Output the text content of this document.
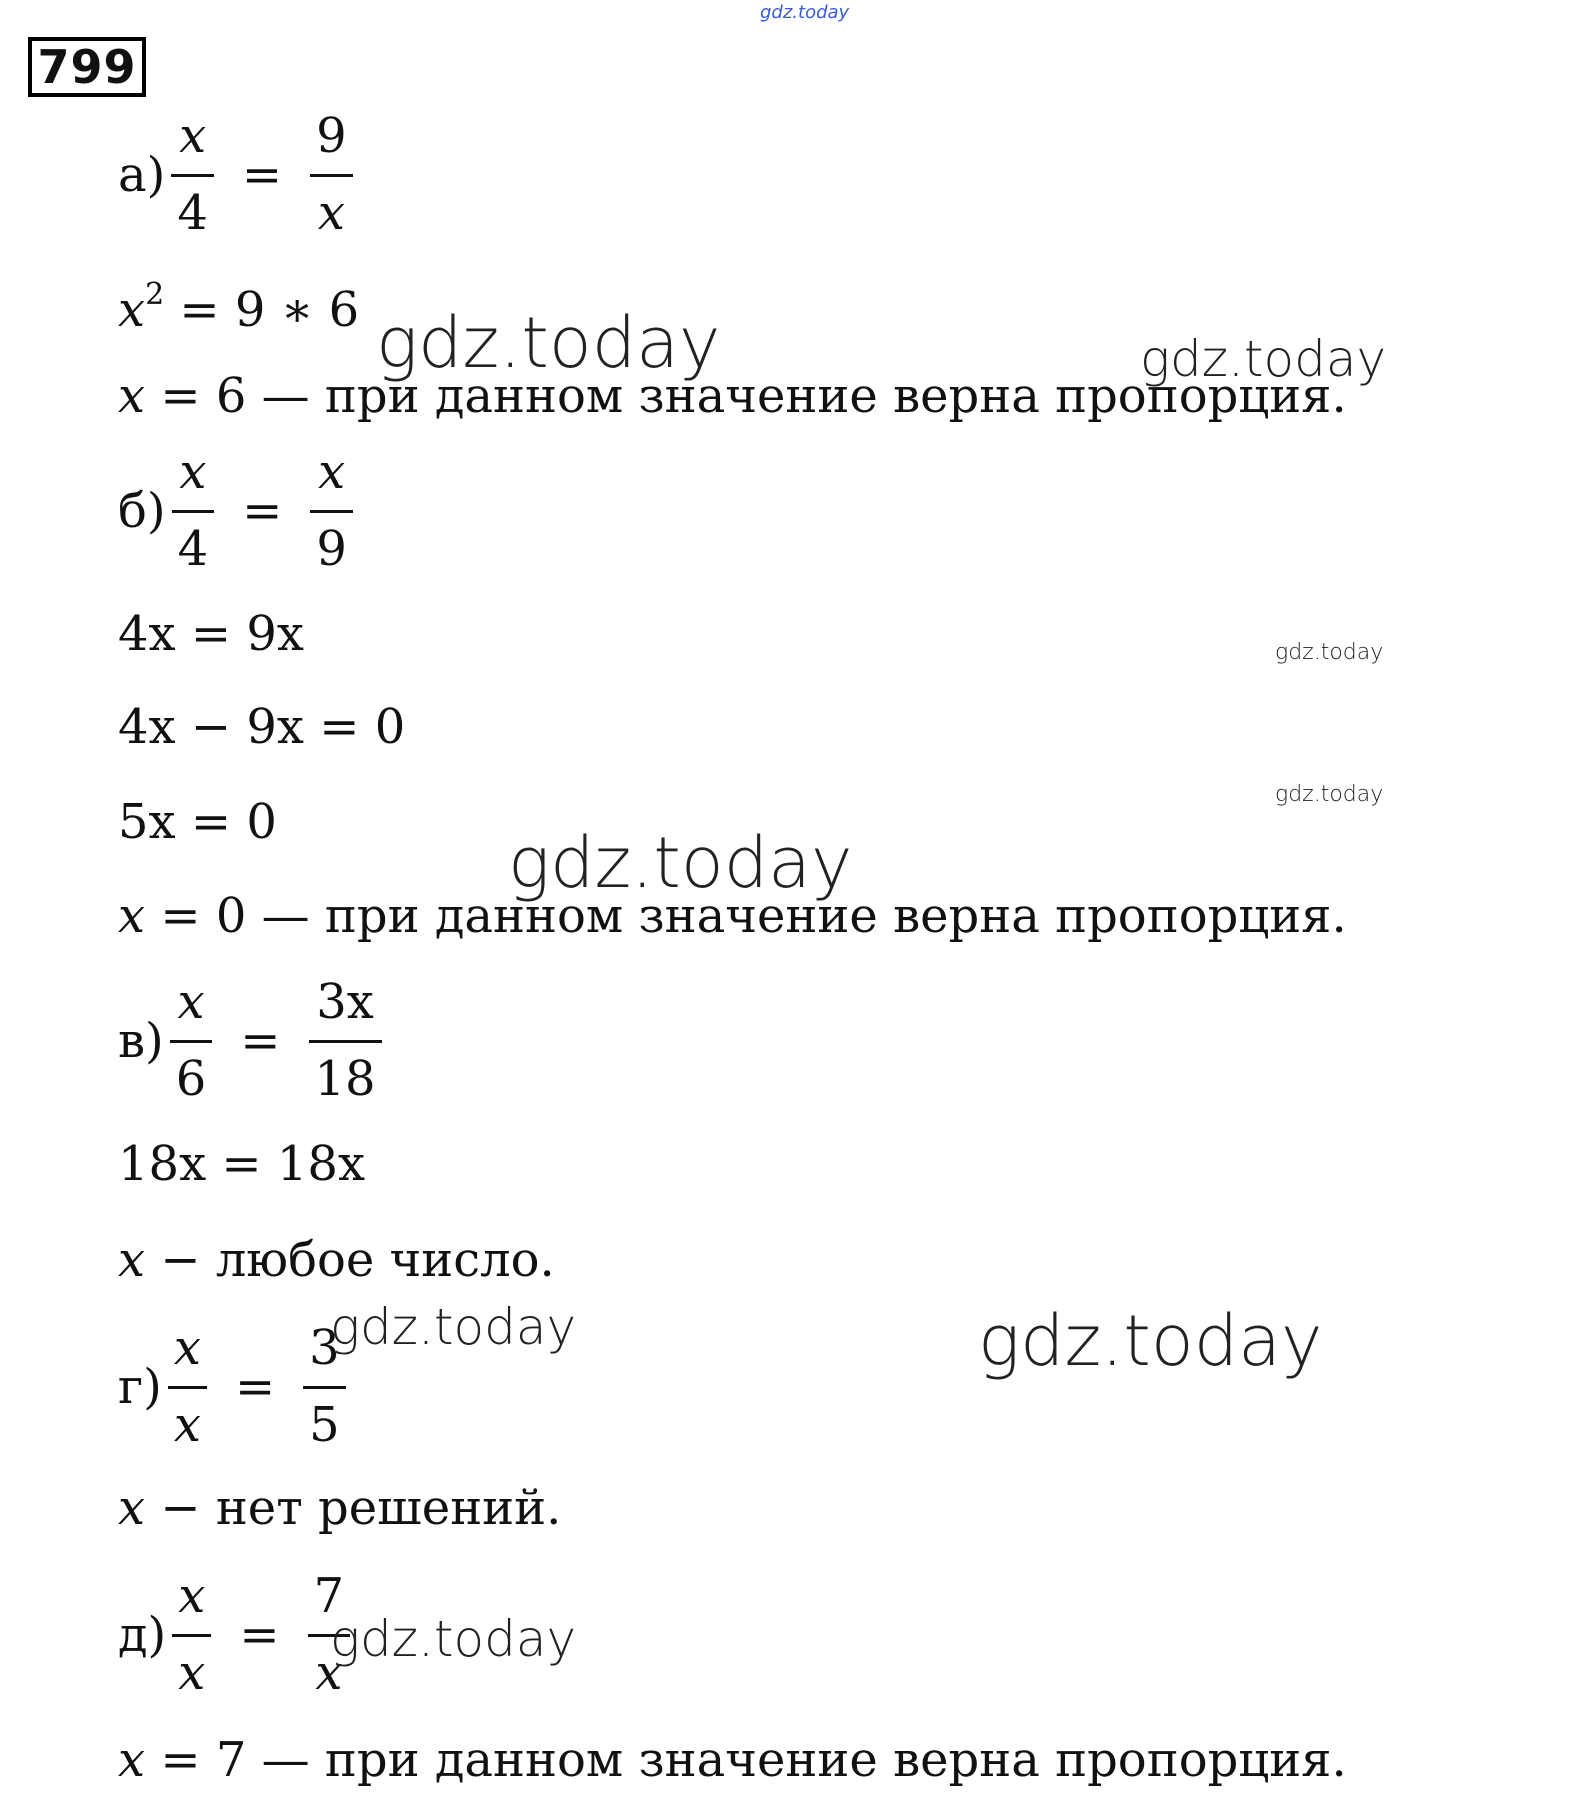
gdz.today
799
$а) \frac{x}{4} = \frac{9}{x}$
$x^2 = 9$ ∗ 6 gdz.today	gdz.today
x = 6 — при данном значение верна пропорция.
$б) \frac{x}{4} = \frac{x}{9}$
4x = 9x	gdz.today
4x − 9x = 0
gdz.today
5x = 0	gdz.today
x = 0 — при данном значение верна пропорция.
$в) \frac{x}{6} = \frac{3x}{18}$
18x = 18x
x − любое число.
gdz.today	gdz.today
$г) \frac{x}{x} = \frac{3}{5}$
x − нет решений.
$д) \frac{x}{x} = \frac{7}{x}$
gdz.today
x = 7 — при данном значение верна пропорция.
